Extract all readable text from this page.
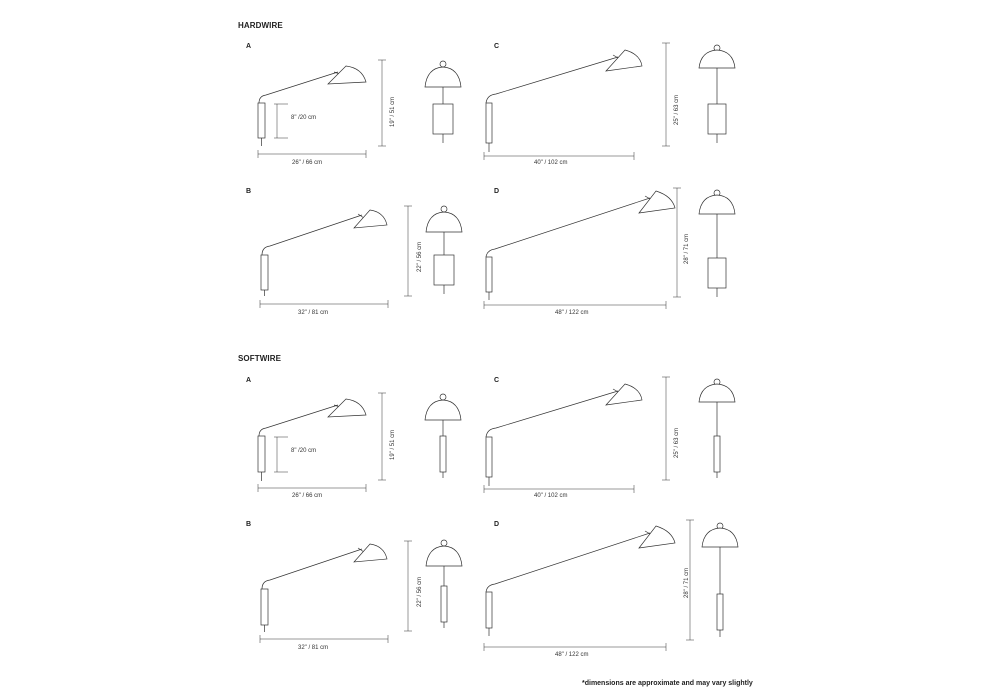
HARDWIRE
SOFTWIRE
A
8" /20 cm
26" / 66 cm
19" / 51 cm
C
40" / 102 cm
25" / 63 cm
B
32" / 81 cm
22" / 56 cm
D
48" / 122 cm
28" / 71 cm
A
8" /20 cm
26" / 66 cm
19" / 51 cm
C
40" / 102 cm
25" / 63 cm
B
32" / 81 cm
22" / 56 cm
D
48" / 122 cm
28" / 71 cm
*dimensions are approximate and may vary slightly
